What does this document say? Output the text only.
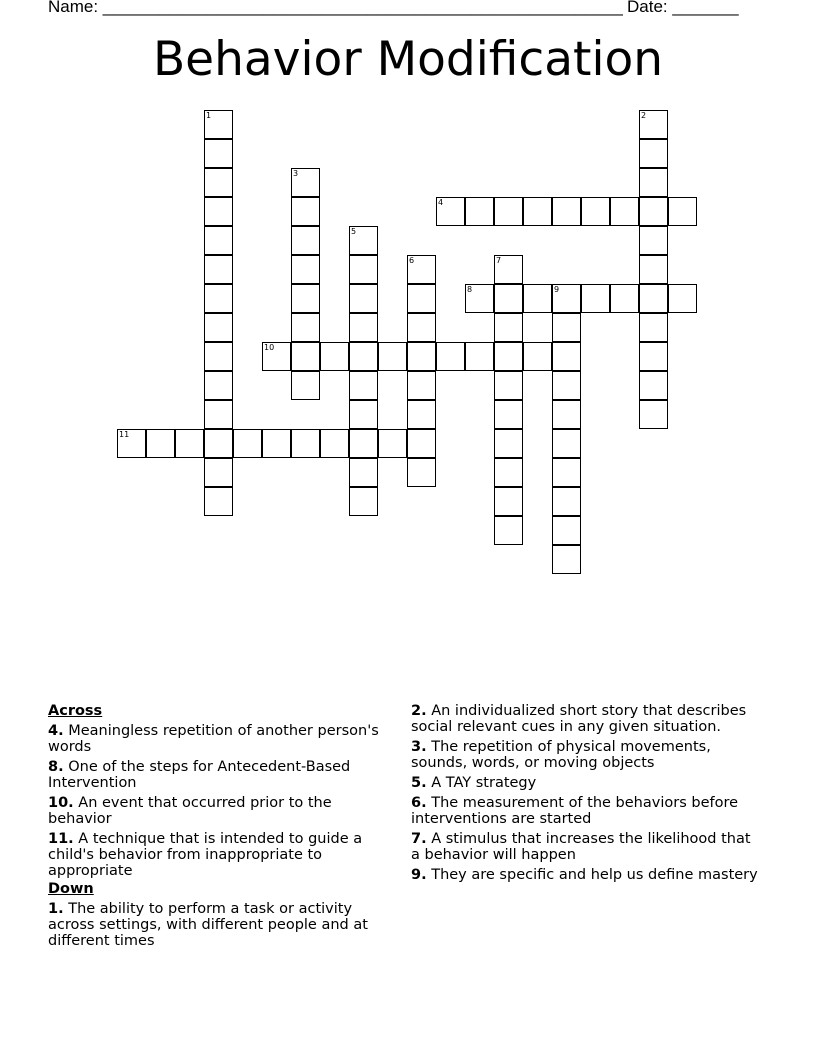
Name: _______________________________________________________ Date: _______
Behavior Modification
1	2
3
4
5
6	7
8	9
10
11
Across
4. Meaningless repetition of another person's words
8. One of the steps for Antecedent-Based Intervention
10. An event that occurred prior to the behavior
11. A technique that is intended to guide a child's behavior from inappropriate to appropriate
Down
1. The ability to perform a task or activity across settings, with different people and at different times
2. An individualized short story that describes social relevant cues in any given situation.
3. The repetition of physical movements, sounds, words, or moving objects
5. A TAY strategy
6. The measurement of the behaviors before interventions are started
7. A stimulus that increases the likelihood that a behavior will happen
9. They are specific and help us define mastery
